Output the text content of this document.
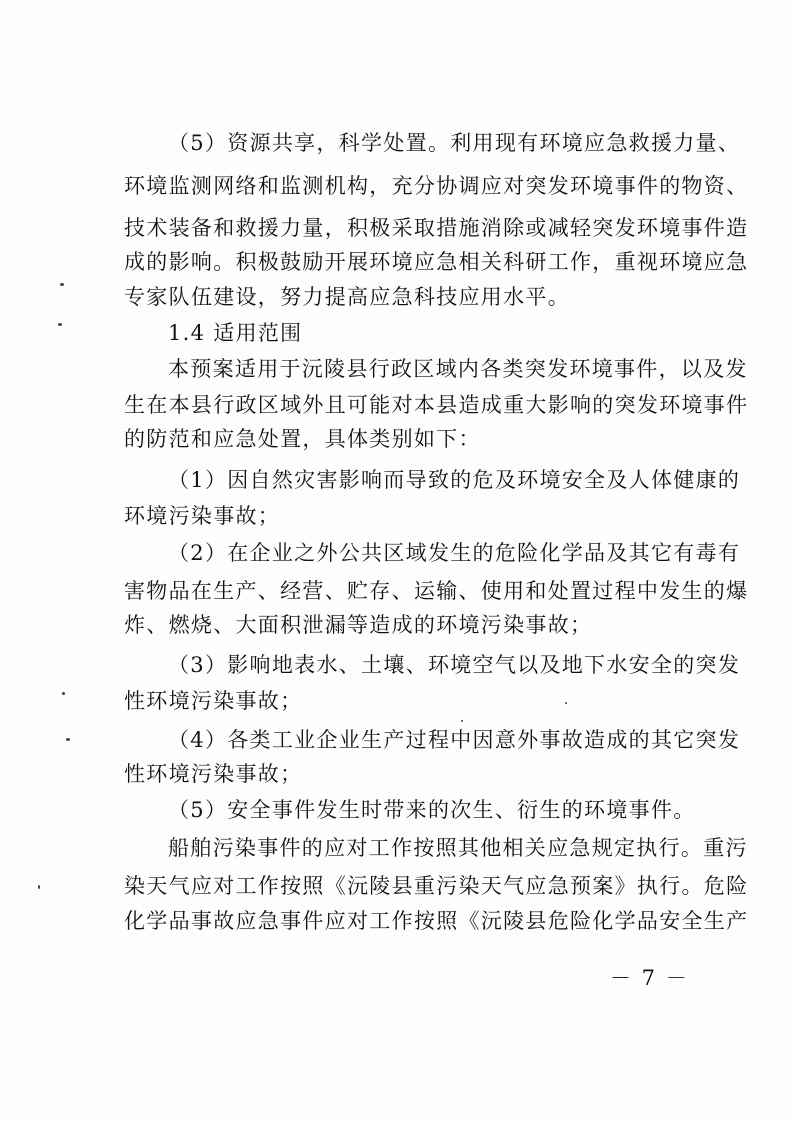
（5）资源共享，科学处置。利用现有环境应急救援力量、
环境监测网络和监测机构，充分协调应对突发环境事件的物资、
技术装备和救援力量，积极采取措施消除或减轻突发环境事件造
成的影响。积极鼓励开展环境应急相关科研工作，重视环境应急
专家队伍建设，努力提高应急科技应用水平。
1.4 适用范围
本预案适用于沅陵县行政区域内各类突发环境事件，以及发
生在本县行政区域外且可能对本县造成重大影响的突发环境事件
的防范和应急处置，具体类别如下：
（1）因自然灾害影响而导致的危及环境安全及人体健康的
环境污染事故；
（2）在企业之外公共区域发生的危险化学品及其它有毒有
害物品在生产、经营、贮存、运输、使用和处置过程中发生的爆
炸、燃烧、大面积泄漏等造成的环境污染事故；
（3）影响地表水、土壤、环境空气以及地下水安全的突发
性环境污染事故；
（4）各类工业企业生产过程中因意外事故造成的其它突发
性环境污染事故；
（5）安全事件发生时带来的次生、衍生的环境事件。
船舶污染事件的应对工作按照其他相关应急规定执行。重污
染天气应对工作按照《沅陵县重污染天气应急预案》执行。危险
化学品事故应急事件应对工作按照《沅陵县危险化学品安全生产
－ 7 －
